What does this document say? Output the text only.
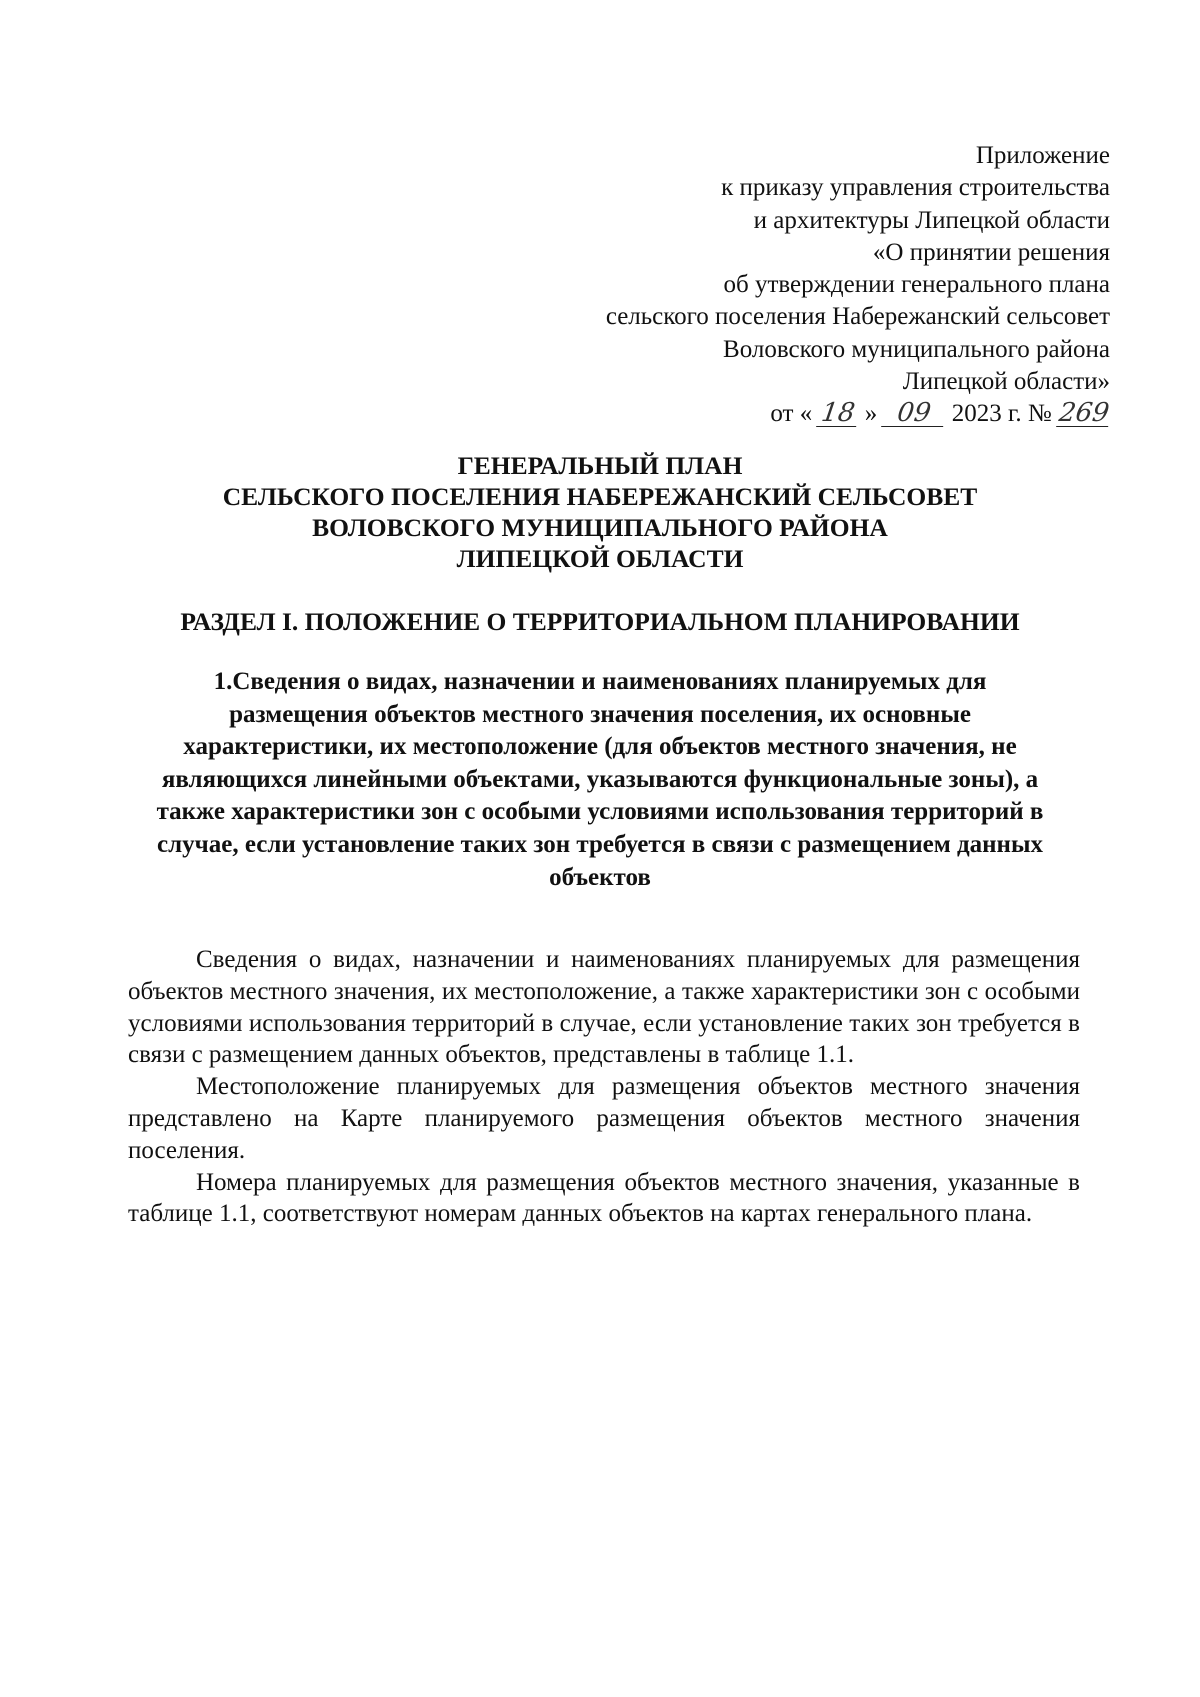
Приложение
к приказу управления строительства
и архитектуры Липецкой области
«О принятии решения
об утверждении генерального плана
сельского поселения Набережанский сельсовет
Воловского муниципального района
Липецкой области»
от « 18 » 09 2023 г. № 269
ГЕНЕРАЛЬНЫЙ ПЛАН
СЕЛЬСКОГО ПОСЕЛЕНИЯ НАБЕРЕЖАНСКИЙ СЕЛЬСОВЕТ
ВОЛОВСКОГО МУНИЦИПАЛЬНОГО РАЙОНА
ЛИПЕЦКОЙ ОБЛАСТИ
РАЗДЕЛ I. ПОЛОЖЕНИЕ О ТЕРРИТОРИАЛЬНОМ ПЛАНИРОВАНИИ
1.Сведения о видах, назначении и наименованиях планируемых для
размещения объектов местного значения поселения, их основные
характеристики, их местоположение (для объектов местного значения, не
являющихся линейными объектами, указываются функциональные зоны), а
также характеристики зон с особыми условиями использования территорий в
случае, если установление таких зон требуется в связи с размещением данных
объектов

Сведения о видах, назначении и наименованиях планируемых для размещения объектов местного значения, их местоположение, а также характеристики зон с особыми условиями использования территорий в случае, если установление таких зон требуется в связи с размещением данных объектов, представлены в таблице 1.1.

Местоположение планируемых для размещения объектов местного значения представлено на Карте планируемого размещения объектов местного значения поселения.

Номера планируемых для размещения объектов местного значения, указанные в таблице 1.1, соответствуют номерам данных объектов на картах генерального плана.
